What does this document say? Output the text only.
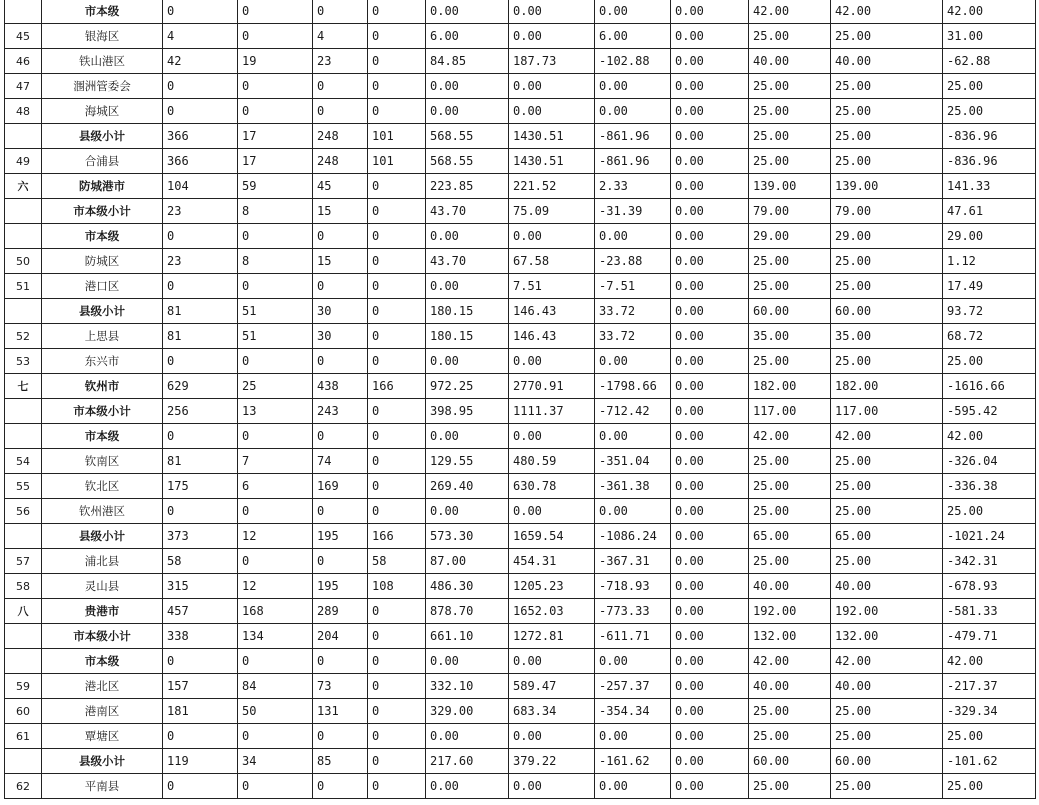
	市本级	0	0	0	0	0.00	0.00	0.00	0.00	42.00	42.00	42.00
45	银海区	4	0	4	0	6.00	0.00	6.00	0.00	25.00	25.00	31.00
46	铁山港区	42	19	23	0	84.85	187.73	-102.88	0.00	40.00	40.00	-62.88
47	涠洲管委会	0	0	0	0	0.00	0.00	0.00	0.00	25.00	25.00	25.00
48	海城区	0	0	0	0	0.00	0.00	0.00	0.00	25.00	25.00	25.00
	县级小计	366	17	248	101	568.55	1430.51	-861.96	0.00	25.00	25.00	-836.96
49	合浦县	366	17	248	101	568.55	1430.51	-861.96	0.00	25.00	25.00	-836.96
六	防城港市	104	59	45	0	223.85	221.52	2.33	0.00	139.00	139.00	141.33
	市本级小计	23	8	15	0	43.70	75.09	-31.39	0.00	79.00	79.00	47.61
	市本级	0	0	0	0	0.00	0.00	0.00	0.00	29.00	29.00	29.00
50	防城区	23	8	15	0	43.70	67.58	-23.88	0.00	25.00	25.00	1.12
51	港口区	0	0	0	0	0.00	7.51	-7.51	0.00	25.00	25.00	17.49
	县级小计	81	51	30	0	180.15	146.43	33.72	0.00	60.00	60.00	93.72
52	上思县	81	51	30	0	180.15	146.43	33.72	0.00	35.00	35.00	68.72
53	东兴市	0	0	0	0	0.00	0.00	0.00	0.00	25.00	25.00	25.00
七	钦州市	629	25	438	166	972.25	2770.91	-1798.66	0.00	182.00	182.00	-1616.66
	市本级小计	256	13	243	0	398.95	1111.37	-712.42	0.00	117.00	117.00	-595.42
	市本级	0	0	0	0	0.00	0.00	0.00	0.00	42.00	42.00	42.00
54	钦南区	81	7	74	0	129.55	480.59	-351.04	0.00	25.00	25.00	-326.04
55	钦北区	175	6	169	0	269.40	630.78	-361.38	0.00	25.00	25.00	-336.38
56	钦州港区	0	0	0	0	0.00	0.00	0.00	0.00	25.00	25.00	25.00
	县级小计	373	12	195	166	573.30	1659.54	-1086.24	0.00	65.00	65.00	-1021.24
57	浦北县	58	0	0	58	87.00	454.31	-367.31	0.00	25.00	25.00	-342.31
58	灵山县	315	12	195	108	486.30	1205.23	-718.93	0.00	40.00	40.00	-678.93
八	贵港市	457	168	289	0	878.70	1652.03	-773.33	0.00	192.00	192.00	-581.33
	市本级小计	338	134	204	0	661.10	1272.81	-611.71	0.00	132.00	132.00	-479.71
	市本级	0	0	0	0	0.00	0.00	0.00	0.00	42.00	42.00	42.00
59	港北区	157	84	73	0	332.10	589.47	-257.37	0.00	40.00	40.00	-217.37
60	港南区	181	50	131	0	329.00	683.34	-354.34	0.00	25.00	25.00	-329.34
61	覃塘区	0	0	0	0	0.00	0.00	0.00	0.00	25.00	25.00	25.00
	县级小计	119	34	85	0	217.60	379.22	-161.62	0.00	60.00	60.00	-101.62
62	平南县	0	0	0	0	0.00	0.00	0.00	0.00	25.00	25.00	25.00
